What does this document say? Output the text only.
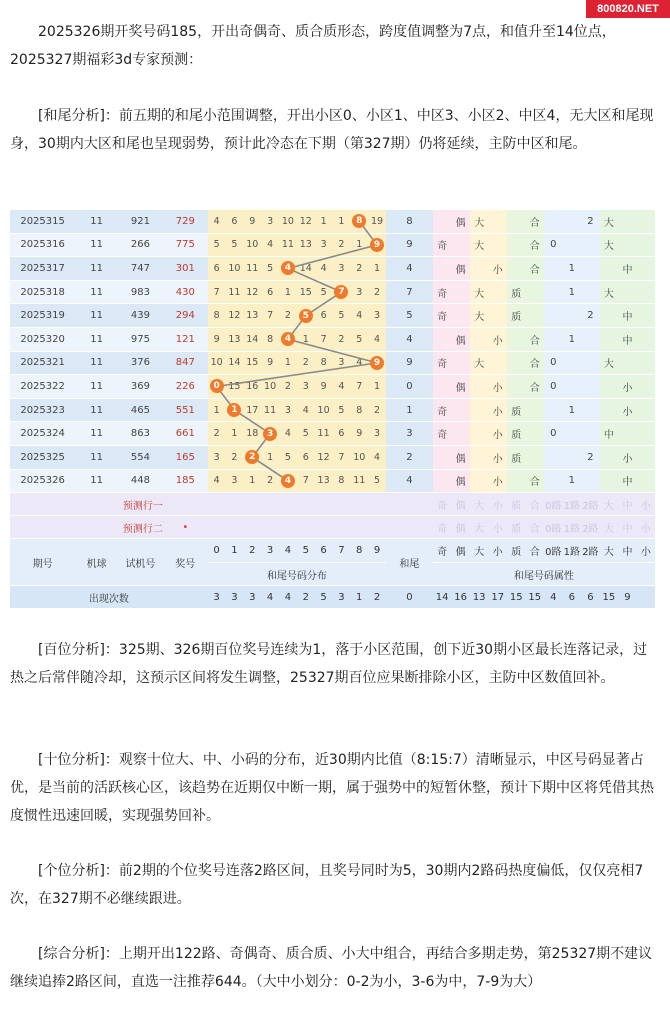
800820.NET

2025326期开奖号码185，开出奇偶奇、质合质形态，跨度值调整为7点，和值升至14位点，
2025327期福彩3d专家预测：

[和尾分析]：前五期的和尾小范围调整，开出小区0、小区1、中区3、小区2、中区4，无大区和尾现身，30期内大区和尾也呈现弱势，预计此冷态在下期（第327期）仍将延续，主防中区和尾。

2025315	11	921	729	4	6	9	3	10	12	1	1	8	19	8		偶	大			合			2	大		
2025316	11	266	775	5	5	10	4	11	13	3	2	1	9	9	奇		大			合	0			大		
2025317	11	747	301	6	10	11	5	4	14	4	3	2	1	4		偶		小		合		1			中	
2025318	11	983	430	7	11	12	6	1	15	5	7	3	2	7	奇		大		质			1		大		
2025319	11	439	294	8	12	13	7	2	5	6	5	4	3	5	奇		大		质				2		中	
2025320	11	975	121	9	13	14	8	4	1	7	2	5	4	4		偶		小		合		1			中	
2025321	11	376	847	10	14	15	9	1	2	8	3	4	9	9	奇		大			合	0			大		
2025322	11	369	226	0	15	16	10	2	3	9	4	7	1	0		偶		小		合	0				小	
2025323	11	465	551	1	1	17	11	3	4	10	5	8	2	1	奇			小	质			1			小	
2025324	11	863	661	2	1	18	3	4	5	11	6	9	3	3	奇			小	质		0			中		
2025325	11	554	165	3	2	2	1	5	6	12	7	10	4	2		偶		小	质				2		小	
2025326	11	448	185	4	3	1	2	4	7	13	8	11	5	4		偶		小		合		1			中	
预测行一															奇	偶	大	小	质	合	0路	1路	2路	大	中	小
预测行二			•												奇	偶	大	小	质	合	0路	1路	2路	大	中	小
期号	机球	试机号	奖号	0	1	2	3	4	5	6	7	8	9	和尾	奇	偶	大	小	质	合	0路	1路	2路	大	中	小
				和尾号码分布											和尾号码属性											
出现次数				3	3	3	4	4	2	5	3	1	2	0	14	16	13	17	15	15	4	6	6	15	9	

[百位分析]：325期、326期百位奖号连续为1，落于小区范围，创下近30期小区最长连落记录，过热之后常伴随冷却，这预示区间将发生调整，25327期百位应果断排除小区，主防中区数值回补。

[十位分析]：观察十位大、中、小码的分布，近30期内比值（8:15:7）清晰显示，中区号码显著占优，是当前的活跃核心区，该趋势在近期仅中断一期，属于强势中的短暂休整，预计下期中区将凭借其热度惯性迅速回暖，实现强势回补。

[个位分析]：前2期的个位奖号连落2路区间，且奖号同时为5，30期内2路码热度偏低，仅仅亮相7次，在327期不必继续跟进。

[综合分析]：上期开出122路、奇偶奇、质合质、小大中组合，再结合多期走势，第25327期不建议继续追捧2路区间，直选一注推荐644。（大中小划分：0-2为小，3-6为中，7-9为大）
